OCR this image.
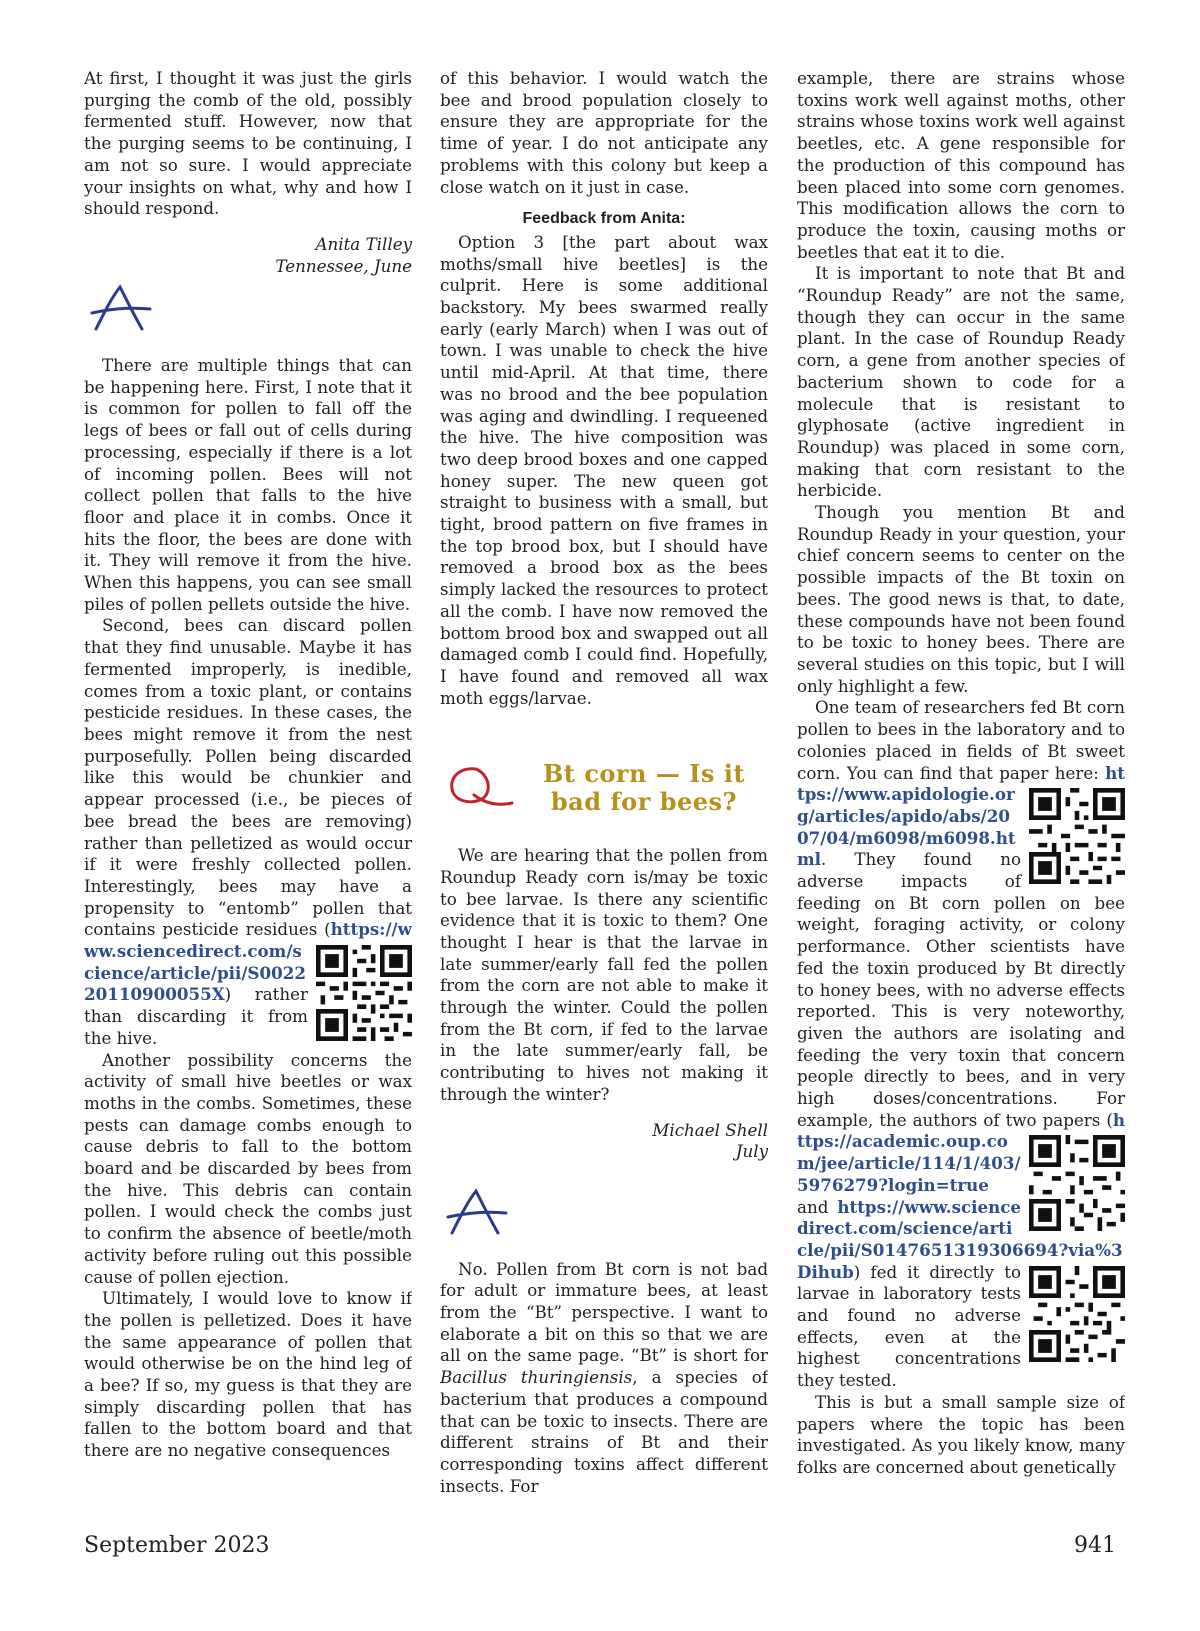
At first, I thought it was just the girls purging the comb of the old, possibly fermented stuff. However, now that the purging seems to be continuing, I am not so sure. I would appreciate your insights on what, why and how I should respond.

Anita Tilley
Tennessee, June

There are multiple things that can be happening here. First, I note that it is common for pollen to fall off the legs of bees or fall out of cells during processing, especially if there is a lot of incoming pollen. Bees will not collect pollen that falls to the hive floor and place it in combs. Once it hits the floor, the bees are done with it. They will remove it from the hive. When this happens, you can see small piles of pollen pellets outside the hive.

Second, bees can discard pollen that they find unusable. Maybe it has fermented improperly, is inedible, comes from a toxic plant, or contains pesticide residues. In these cases, the bees might remove it from the nest purposefully. Pollen being discarded like this would be chunkier and appear processed (i.e., be pieces of bee bread the bees are removing) rather than pelletized as would occur if it were freshly collected pollen. Interestingly, bees may have a propensity to “entomb” pollen that contains pesticide residues (
https://www.sciencedirect.com/science/article/pii/S002220110900055X) rather than discarding it from the hive.

Another possibility concerns the activity of small hive beetles or wax moths in the combs. Sometimes, these pests can damage combs enough to cause debris to fall to the bottom board and be discarded by bees from the hive. This debris can contain pollen. I would check the combs just to confirm the absence of beetle/moth activity before ruling out this possible cause of pollen ejection.

Ultimately, I would love to know if the pollen is pelletized. Does it have the same appearance of pollen that would otherwise be on the hind leg of a bee? If so, my guess is that they are simply discarding pollen that has fallen to the bottom board and that there are no negative consequences

of this behavior. I would watch the bee and brood population closely to ensure they are appropriate for the time of year. I do not anticipate any problems with this colony but keep a close watch on it just in case.

Feedback from Anita:

Option 3 [the part about wax moths/small hive beetles] is the culprit. Here is some additional backstory. My bees swarmed really early (early March) when I was out of town. I was unable to check the hive until mid-April. At that time, there was no brood and the bee population was aging and dwindling. I requeened the hive. The hive composition was two deep brood boxes and one capped honey super. The new queen got straight to business with a small, but tight, brood pattern on five frames in the top brood box, but I should have removed a brood box as the bees simply lacked the resources to protect all the comb. I have now removed the bottom brood box and swapped out all damaged comb I could find. Hopefully, I have found and removed all wax moth eggs/larvae.

Bt corn — Is it bad for bees?

We are hearing that the pollen from Roundup Ready corn is/may be toxic to bee larvae. Is there any scientific evidence that it is toxic to them? One thought I hear is that the larvae in late summer/early fall fed the pollen from the corn are not able to make it through the winter. Could the pollen from the Bt corn, if fed to the larvae in the late summer/early fall, be contributing to hives not making it through the winter?

Michael Shell
July

No. Pollen from Bt corn is not bad for adult or immature bees, at least from the “Bt” perspective. I want to elaborate a bit on this so that we are all on the same page. “Bt” is short for Bacillus thuringiensis, a species of bacterium that produces a compound that can be toxic to insects. There are different strains of Bt and their corresponding toxins affect different insects. For

example, there are strains whose toxins work well against moths, other strains whose toxins work well against beetles, etc. A gene responsible for the production of this compound has been placed into some corn genomes. This modification allows the corn to produce the toxin, causing moths or beetles that eat it to die.

It is important to note that Bt and “Roundup Ready” are not the same, though they can occur in the same plant. In the case of Roundup Ready corn, a gene from another species of bacterium shown to code for a molecule that is resistant to glyphosate (active ingredient in Roundup) was placed in some corn, making that corn resistant to the herbicide.

Though you mention Bt and Roundup Ready in your question, your chief concern seems to center on the possible impacts of the Bt toxin on bees. The good news is that, to date, these compounds have not been found to be toxic to honey bees. There are several studies on this topic, but I will only highlight a few.

One team of researchers fed Bt corn pollen to bees in the laboratory and to colonies placed in fields of Bt sweet corn. You can find that paper here:
https://www.apidologie.org/articles/apido/abs/2007/04/m6098/m6098.html. They found no adverse impacts of feeding on Bt corn pollen on bee weight, foraging activity, or colony performance. Other scientists have fed the toxin produced by Bt directly to honey bees, with no adverse effects reported. This is very noteworthy, given the authors are isolating and feeding the very toxin that concern people directly to bees, and in very high doses/concentrations. For example, the authors of two papers (
https://academic.oup.com/jee/article/114/1/403/5976279?login=true and https://www.sciencedirect.com/science/article/pii/S0147651319306694?via%3Dihub
) fed it directly to larvae in laboratory tests and found no adverse effects, even at the highest concentrations they tested.

This is but a small sample size of papers where the topic has been investigated. As you likely know, many folks are concerned about genetically

September 2023	941
